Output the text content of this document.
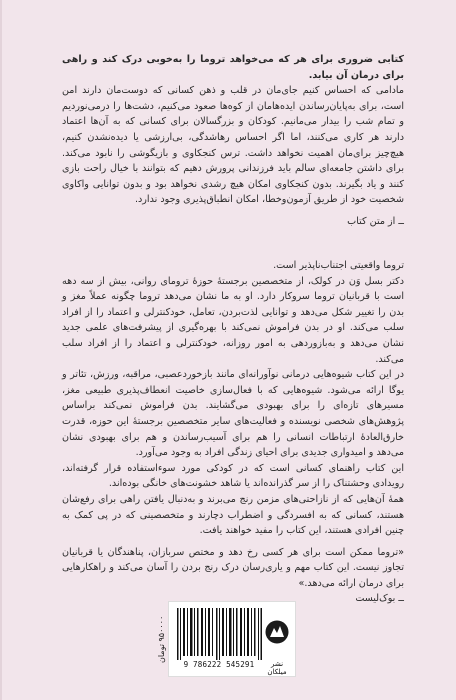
کتابی ضروری برای هر که می‌خواهد تروما را به‌خوبی درک کند و راهی برای درمان آن بیابد.

مادامی که احساس کنیم جای‌مان در قلب و ذهن کسانی که دوست‌مان دارند امن است، برای به‌پایان‌رساندن ایده‌هامان از کوه‌ها صعود می‌کنیم، دشت‌ها را درمی‌نوردیم و تمام شب را بیدار می‌مانیم. کودکان و بزرگسالان برای کسانی که به آن‌ها اعتماد دارند هر کاری می‌کنند، اما اگر احساس رهاشدگی، بی‌ارزشی یا دیده‌نشدن کنیم، هیچ‌چیز برای‌مان اهمیت نخواهد داشت. ترس کنجکاوی و بازیگوشی را نابود می‌کند. برای داشتن جامعه‌ای سالم باید فرزندانی پرورش دهیم که بتوانند با خیال راحت بازی کنند و یاد بگیرند. بدون کنجکاوی امکان هیچ رشدی نخواهد بود و بدون توانایی واکاوی شخصیت خود از طریق آزمون‌وخطا، امکان انطباق‌پذیری وجود ندارد.

ــ از متن کتاب

تروما واقعیتی اجتناب‌ناپذیر است.

دکتر بسل وَن در کولک، از متخصصین برجستهٔ حوزهٔ ترومای روانی، بیش از سه دهه است با قربانیان تروما سروکار دارد. او به ما نشان می‌دهد تروما چگونه عملاً مغز و بدن را تغییر شکل می‌دهد و توانایی لذت‌بردن، تعامل، خودکنترلی و اعتماد را از افراد سلب می‌کند. او در بدن فراموش نمی‌کند با بهره‌گیری از پیشرفت‌های علمی جدید نشان می‌دهد و به‌بازوردهی به امور روزانه، خودکنترلی و اعتماد را از افراد سلب می‌کند.

در این کتاب شیوه‌هایی درمانی نوآورانه‌ای مانند بازخوردعصبی، مراقبه، ورزش، تئاتر و یوگا ارائه می‌شود. شیوه‌هایی که با فعال‌سازی خاصیت انعطاف‌پذیری طبیعی مغز، مسیرهای تازه‌ای را برای بهبودی می‌گشایند. بدن فراموش نمی‌کند براساس پژوهش‌های شخصی نویسنده و فعالیت‌های سایر متخصصین برجستهٔ این حوزه، قدرت خارق‌العادهٔ ارتباطات انسانی را هم برای آسیب‌رساندن و هم برای بهبودی نشان می‌دهد و امیدواری جدیدی برای احیای زندگی افراد به وجود می‌آورد.

این کتاب راهنمای کسانی است که در کودکی مورد سوءاستفاده قرار گرفته‌اند، رویدادی وحشتناک را از سر گذرانده‌اند یا شاهد خشونت‌های خانگی بوده‌اند.

همهٔ آن‌هایی که از نازاحتی‌های مزمن رنج می‌برند و به‌دنبال یافتن راهی برای رفع‌شان هستند، کسانی که به افسردگی و اضطراب دچارند و متخصصینی که در پی کمک به چنین افرادی هستند، این کتاب را مفید خواهند یافت.

«تروما ممکن است برای هر کسی رخ دهد و مختص سربازان، پناهندگان یا قربانیان تجاوز نیست. این کتاب مهم و یاری‌رسان درک رنج بردن را آسان می‌کند و راهکارهایی برای درمان ارائه می‌دهد.»

ــ بوک‌لیست

۹۵۰۰۰۰ تومان
9 786222 545291	نشر میلکان
